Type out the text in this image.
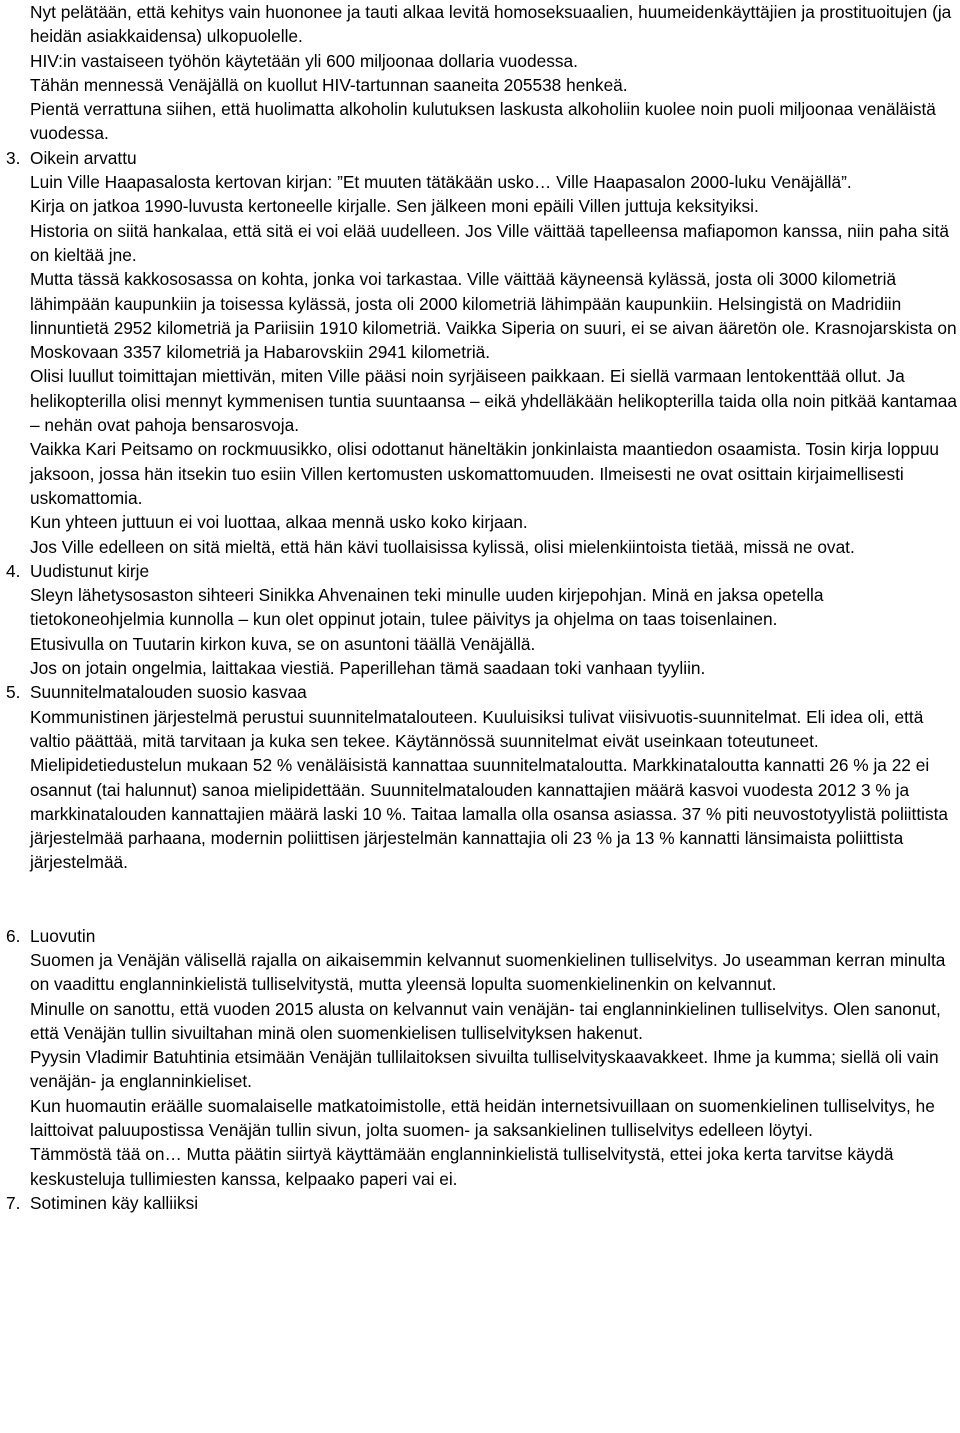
Nyt pelätään, että kehitys vain huononee ja tauti alkaa levitä homoseksuaalien, huumeidenkäyttäjien ja prostituoitujen (ja heidän asiakkaidensa) ulkopuolelle.

HIV:in vastaiseen työhön käytetään yli 600 miljoonaa dollaria vuodessa.

Tähän mennessä Venäjällä on kuollut HIV-tartunnan saaneita 205538 henkeä.

Pientä verrattuna siihen, että huolimatta alkoholin kulutuksen laskusta alkoholiin kuolee noin puoli miljoonaa venäläistä vuodessa.

3. Oikein arvattu

Luin Ville Haapasalosta kertovan kirjan: ”Et muuten tätäkään usko… Ville Haapasalon 2000-luku Venäjällä”.

Kirja on jatkoa 1990-luvusta kertoneelle kirjalle. Sen jälkeen moni epäili Villen juttuja keksityiksi.

Historia on siitä hankalaa, että sitä ei voi elää uudelleen. Jos Ville väittää tapelleensa mafiapomon kanssa, niin paha sitä on kieltää jne.

Mutta tässä kakkososassa on kohta, jonka voi tarkastaa. Ville väittää käyneensä kylässä, josta oli 3000 kilometriä lähimpään kaupunkiin ja toisessa kylässä, josta oli 2000 kilometriä lähimpään kaupunkiin. Helsingistä on Madridiin linnuntietä 2952 kilometriä ja Pariisiin 1910 kilometriä. Vaikka Siperia on suuri, ei se aivan ääretön ole. Krasnojarskista on Moskovaan 3357 kilometriä ja Habarovskiin 2941 kilometriä.

Olisi luullut toimittajan miettivän, miten Ville pääsi noin syrjäiseen paikkaan. Ei siellä varmaan lentokenttää ollut. Ja helikopterilla olisi mennyt kymmenisen tuntia suuntaansa – eikä yhdelläkään helikopterilla taida olla noin pitkää kantamaa – nehän ovat pahoja bensarosvoja.

Vaikka Kari Peitsamo on rockmuusikko, olisi odottanut häneltäkin jonkinlaista maantiedon osaamista. Tosin kirja loppuu jaksoon, jossa hän itsekin tuo esiin Villen kertomusten uskomattomuuden. Ilmeisesti ne ovat osittain kirjaimellisesti uskomattomia.

Kun yhteen juttuun ei voi luottaa, alkaa mennä usko koko kirjaan.

Jos Ville edelleen on sitä mieltä, että hän kävi tuollaisissa kylissä, olisi mielenkiintoista tietää, missä ne ovat.

4. Uudistunut kirje

Sleyn lähetysosaston sihteeri Sinikka Ahvenainen teki minulle uuden kirjepohjan. Minä en jaksa opetella tietokoneohjelmia kunnolla – kun olet oppinut jotain, tulee päivitys ja ohjelma on taas toisenlainen.

Etusivulla on Tuutarin kirkon kuva, se on asuntoni täällä Venäjällä.

Jos on jotain ongelmia, laittakaa viestiä. Paperillehan tämä saadaan toki vanhaan tyyliin.

5. Suunnitelmatalouden suosio kasvaa

Kommunistinen järjestelmä perustui suunnitelmatalouteen. Kuuluisiksi tulivat viisivuotis-suunnitelmat. Eli idea oli, että valtio päättää, mitä tarvitaan ja kuka sen tekee. Käytännössä suunnitelmat eivät useinkaan toteutuneet.

Mielipidetiedustelun mukaan 52 % venäläisistä kannattaa suunnitelmataloutta. Markkinataloutta kannatti 26 % ja 22 ei osannut (tai halunnut) sanoa mielipidettään. Suunnitelmatalouden kannattajien määrä kasvoi vuodesta 2012 3 % ja markkinatalouden kannattajien määrä laski 10 %. Taitaa lamalla olla osansa asiassa. 37 % piti neuvostotyylistä poliittista järjestelmää parhaana, modernin poliittisen järjestelmän kannattajia oli 23 % ja 13 % kannatti länsimaista poliittista järjestelmää.

6. Luovutin

Suomen ja Venäjän välisellä rajalla on aikaisemmin kelvannut suomenkielinen tulliselvitys. Jo useamman kerran minulta on vaadittu englanninkielistä tulliselvitystä, mutta yleensä lopulta suomenkielinenkin on kelvannut.

Minulle on sanottu, että vuoden 2015 alusta on kelvannut vain venäjän- tai englanninkielinen tulliselvitys. Olen sanonut, että Venäjän tullin sivuiltahan minä olen suomenkielisen tulliselvityksen hakenut.

Pyysin Vladimir Batuhtinia etsimään Venäjän tullilaitoksen sivuilta tulliselvityskaavakkeet. Ihme ja kumma; siellä oli vain venäjän- ja englanninkieliset.

Kun huomautin eräälle suomalaiselle matkatoimistolle, että heidän internetsivuillaan on suomenkielinen tulliselvitys, he laittoivat paluupostissa Venäjän tullin sivun, jolta suomen- ja saksankielinen tulliselvitys edelleen löytyi.

Tämmöstä tää on… Mutta päätin siirtyä käyttämään englanninkielistä tulliselvitystä, ettei joka kerta tarvitse käydä keskusteluja tullimiesten kanssa, kelpaako paperi vai ei.

7. Sotiminen käy kalliiksi
